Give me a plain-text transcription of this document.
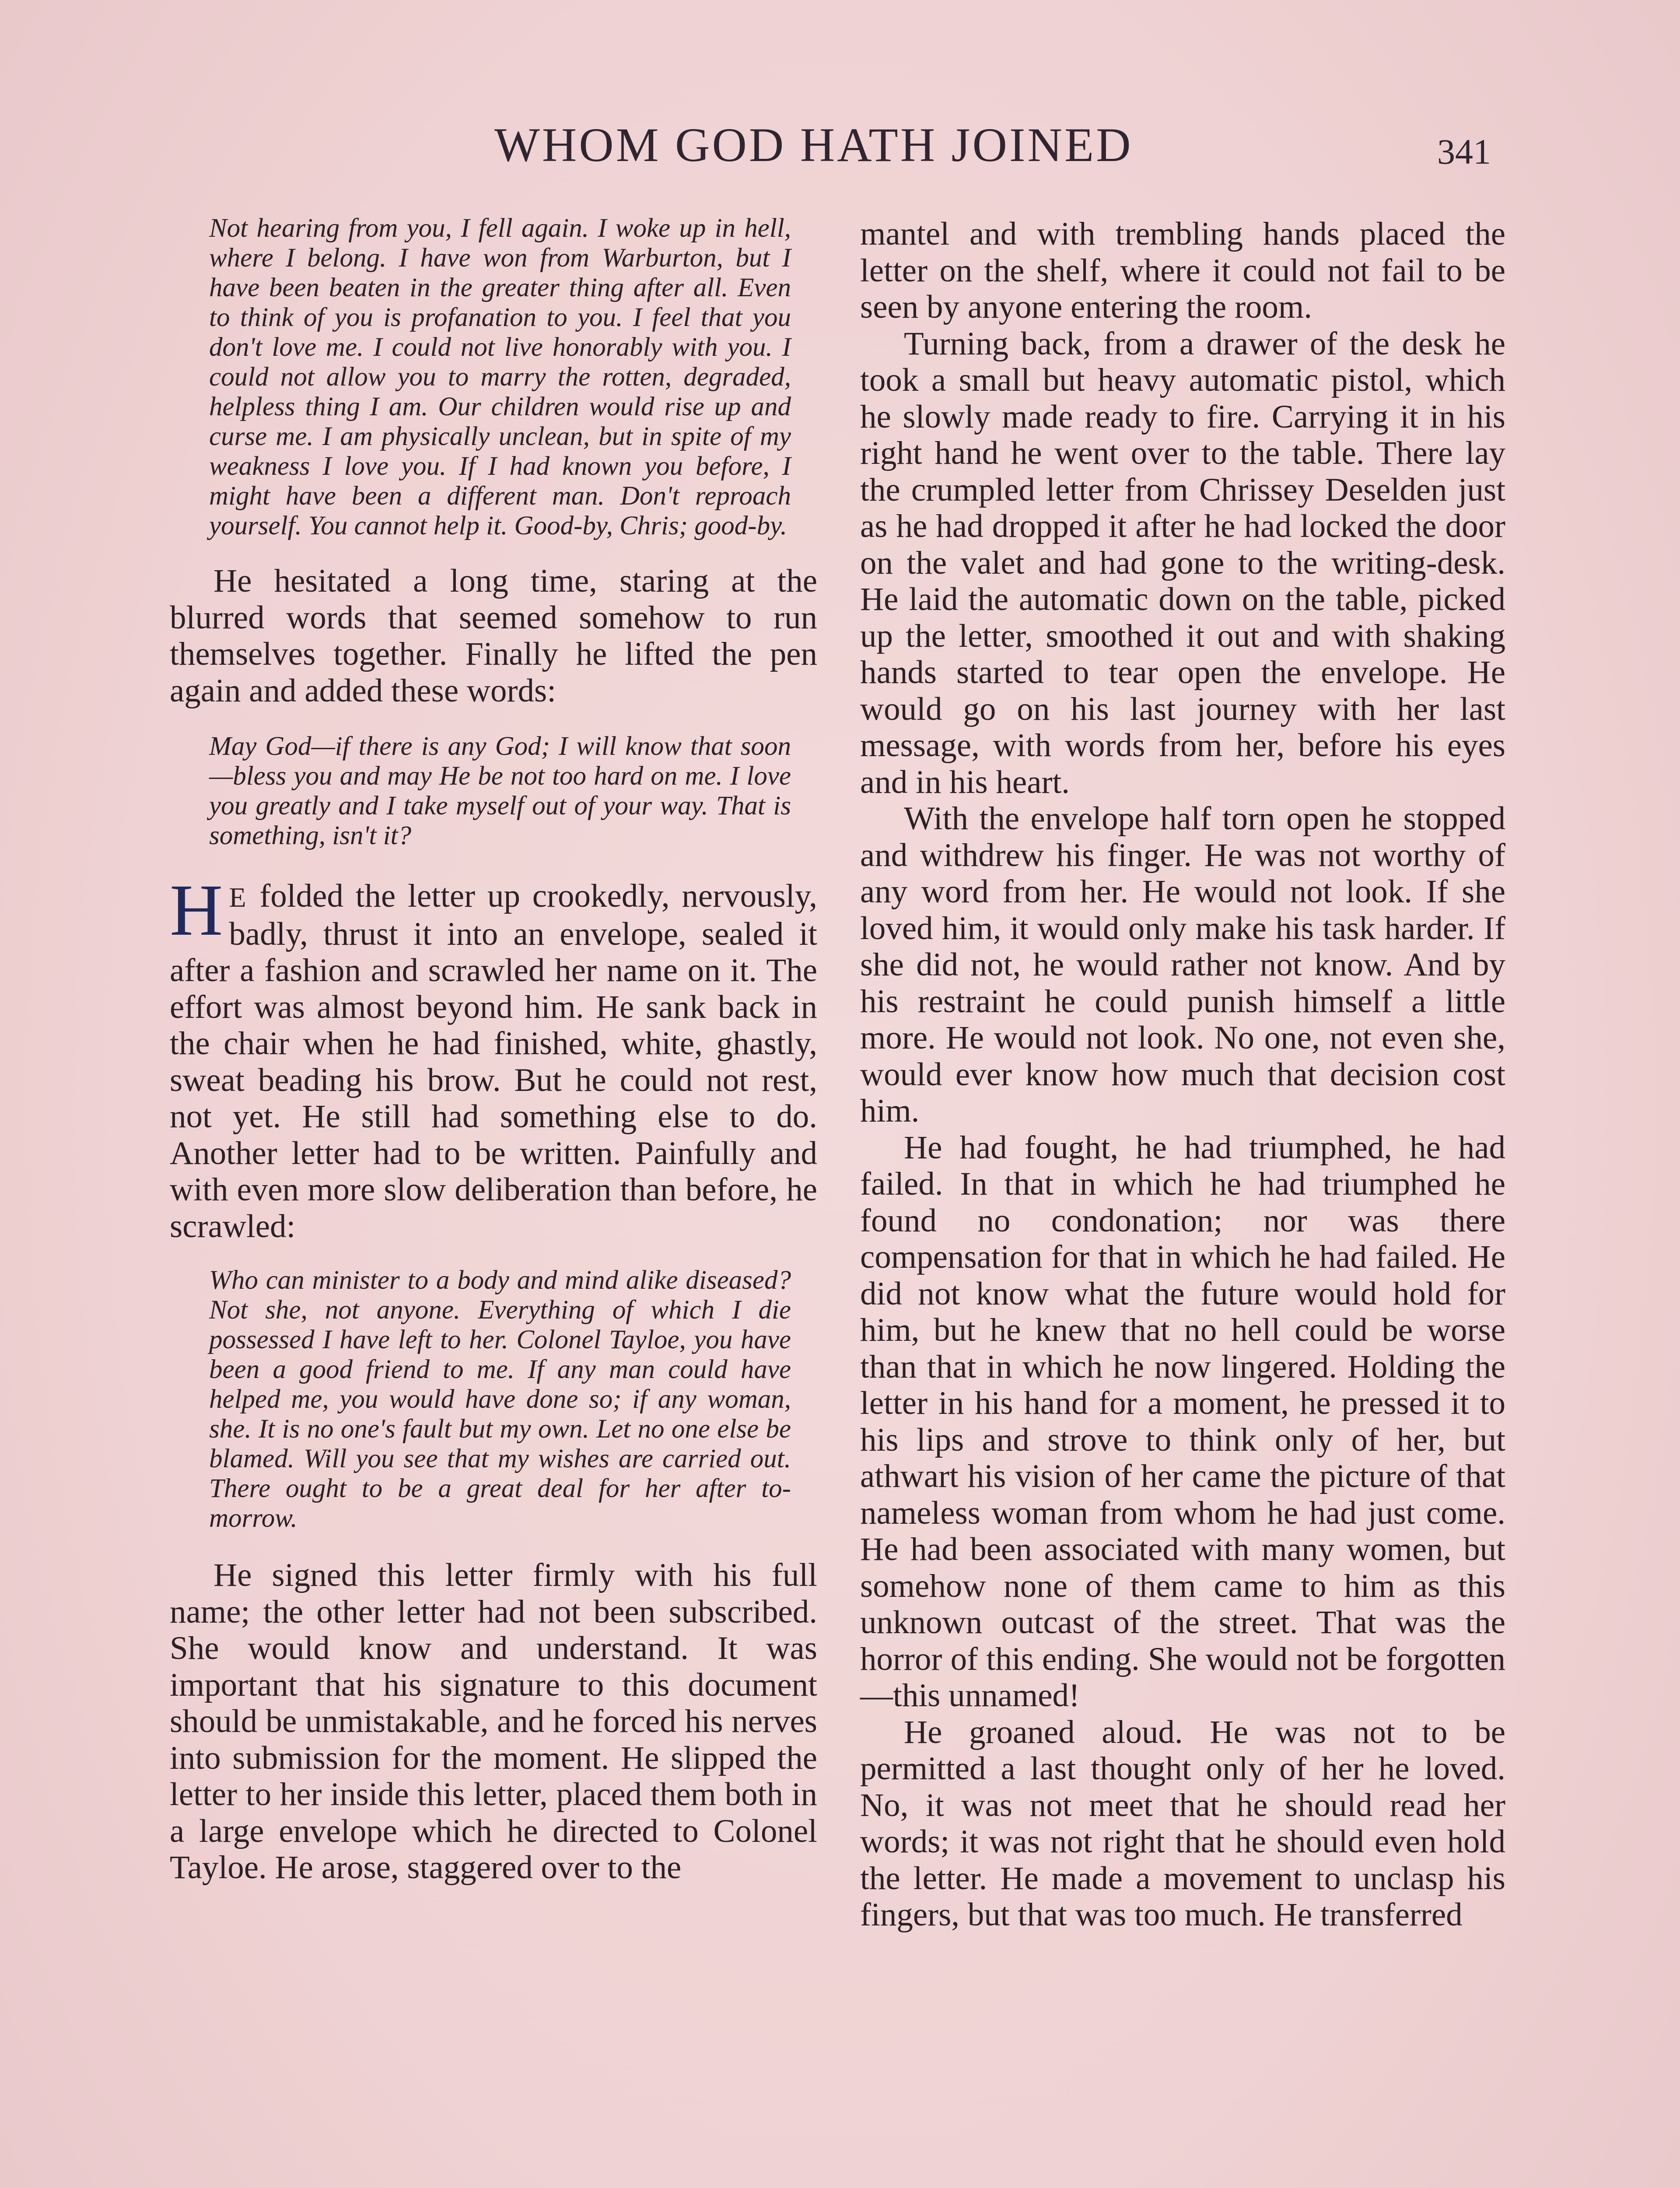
WHOM GOD HATH JOINED	341

Not hearing from you, I fell again. I woke up in hell, where I belong. I have won from Warburton, but I have been beaten in the greater thing after all. Even to think of you is profanation to you. I feel that you don't love me. I could not live honorably with you. I could not allow you to marry the rotten, degraded, helpless thing I am. Our children would rise up and curse me. I am physically unclean, but in spite of my weakness I love you. If I had known you before, I might have been a different man. Don't reproach yourself. You cannot help it. Good-by, Chris; good-by.

He hesitated a long time, staring at the blurred words that seemed somehow to run themselves together. Finally he lifted the pen again and added these words:

May God—if there is any God; I will know that soon—bless you and may He be not too hard on me. I love you greatly and I take myself out of your way. That is something, isn't it?

H E folded the letter up crookedly, nervously, badly, thrust it into an envelope, sealed it after a fashion and scrawled her name on it. The effort was almost beyond him. He sank back in the chair when he had finished, white, ghastly, sweat beading his brow. But he could not rest, not yet. He still had something else to do. Another letter had to be written. Painfully and with even more slow deliberation than before, he scrawled:

Who can minister to a body and mind alike diseased? Not she, not anyone. Everything of which I die possessed I have left to her. Colonel Tayloe, you have been a good friend to me. If any man could have helped me, you would have done so; if any woman, she. It is no one's fault but my own. Let no one else be blamed. Will you see that my wishes are carried out. There ought to be a great deal for her after to-morrow.

He signed this letter firmly with his full name; the other letter had not been subscribed. She would know and understand. It was important that his signature to this document should be unmistakable, and he forced his nerves into submission for the moment. He slipped the letter to her inside this letter, placed them both in a large envelope which he directed to Colonel Tayloe. He arose, staggered over to the

mantel and with trembling hands placed the letter on the shelf, where it could not fail to be seen by anyone entering the room.

Turning back, from a drawer of the desk he took a small but heavy automatic pistol, which he slowly made ready to fire. Carrying it in his right hand he went over to the table. There lay the crumpled letter from Chrissey Deselden just as he had dropped it after he had locked the door on the valet and had gone to the writing-desk. He laid the automatic down on the table, picked up the letter, smoothed it out and with shaking hands started to tear open the envelope. He would go on his last journey with her last message, with words from her, before his eyes and in his heart.

With the envelope half torn open he stopped and withdrew his finger. He was not worthy of any word from her. He would not look. If she loved him, it would only make his task harder. If she did not, he would rather not know. And by his restraint he could punish himself a little more. He would not look. No one, not even she, would ever know how much that decision cost him.

He had fought, he had triumphed, he had failed. In that in which he had triumphed he found no condonation; nor was there compensation for that in which he had failed. He did not know what the future would hold for him, but he knew that no hell could be worse than that in which he now lingered. Holding the letter in his hand for a moment, he pressed it to his lips and strove to think only of her, but athwart his vision of her came the picture of that nameless woman from whom he had just come. He had been associated with many women, but somehow none of them came to him as this unknown outcast of the street. That was the horror of this ending. She would not be forgotten—this unnamed!

He groaned aloud. He was not to be permitted a last thought only of her he loved. No, it was not meet that he should read her words; it was not right that he should even hold the letter. He made a movement to unclasp his fingers, but that was too much. He transferred
